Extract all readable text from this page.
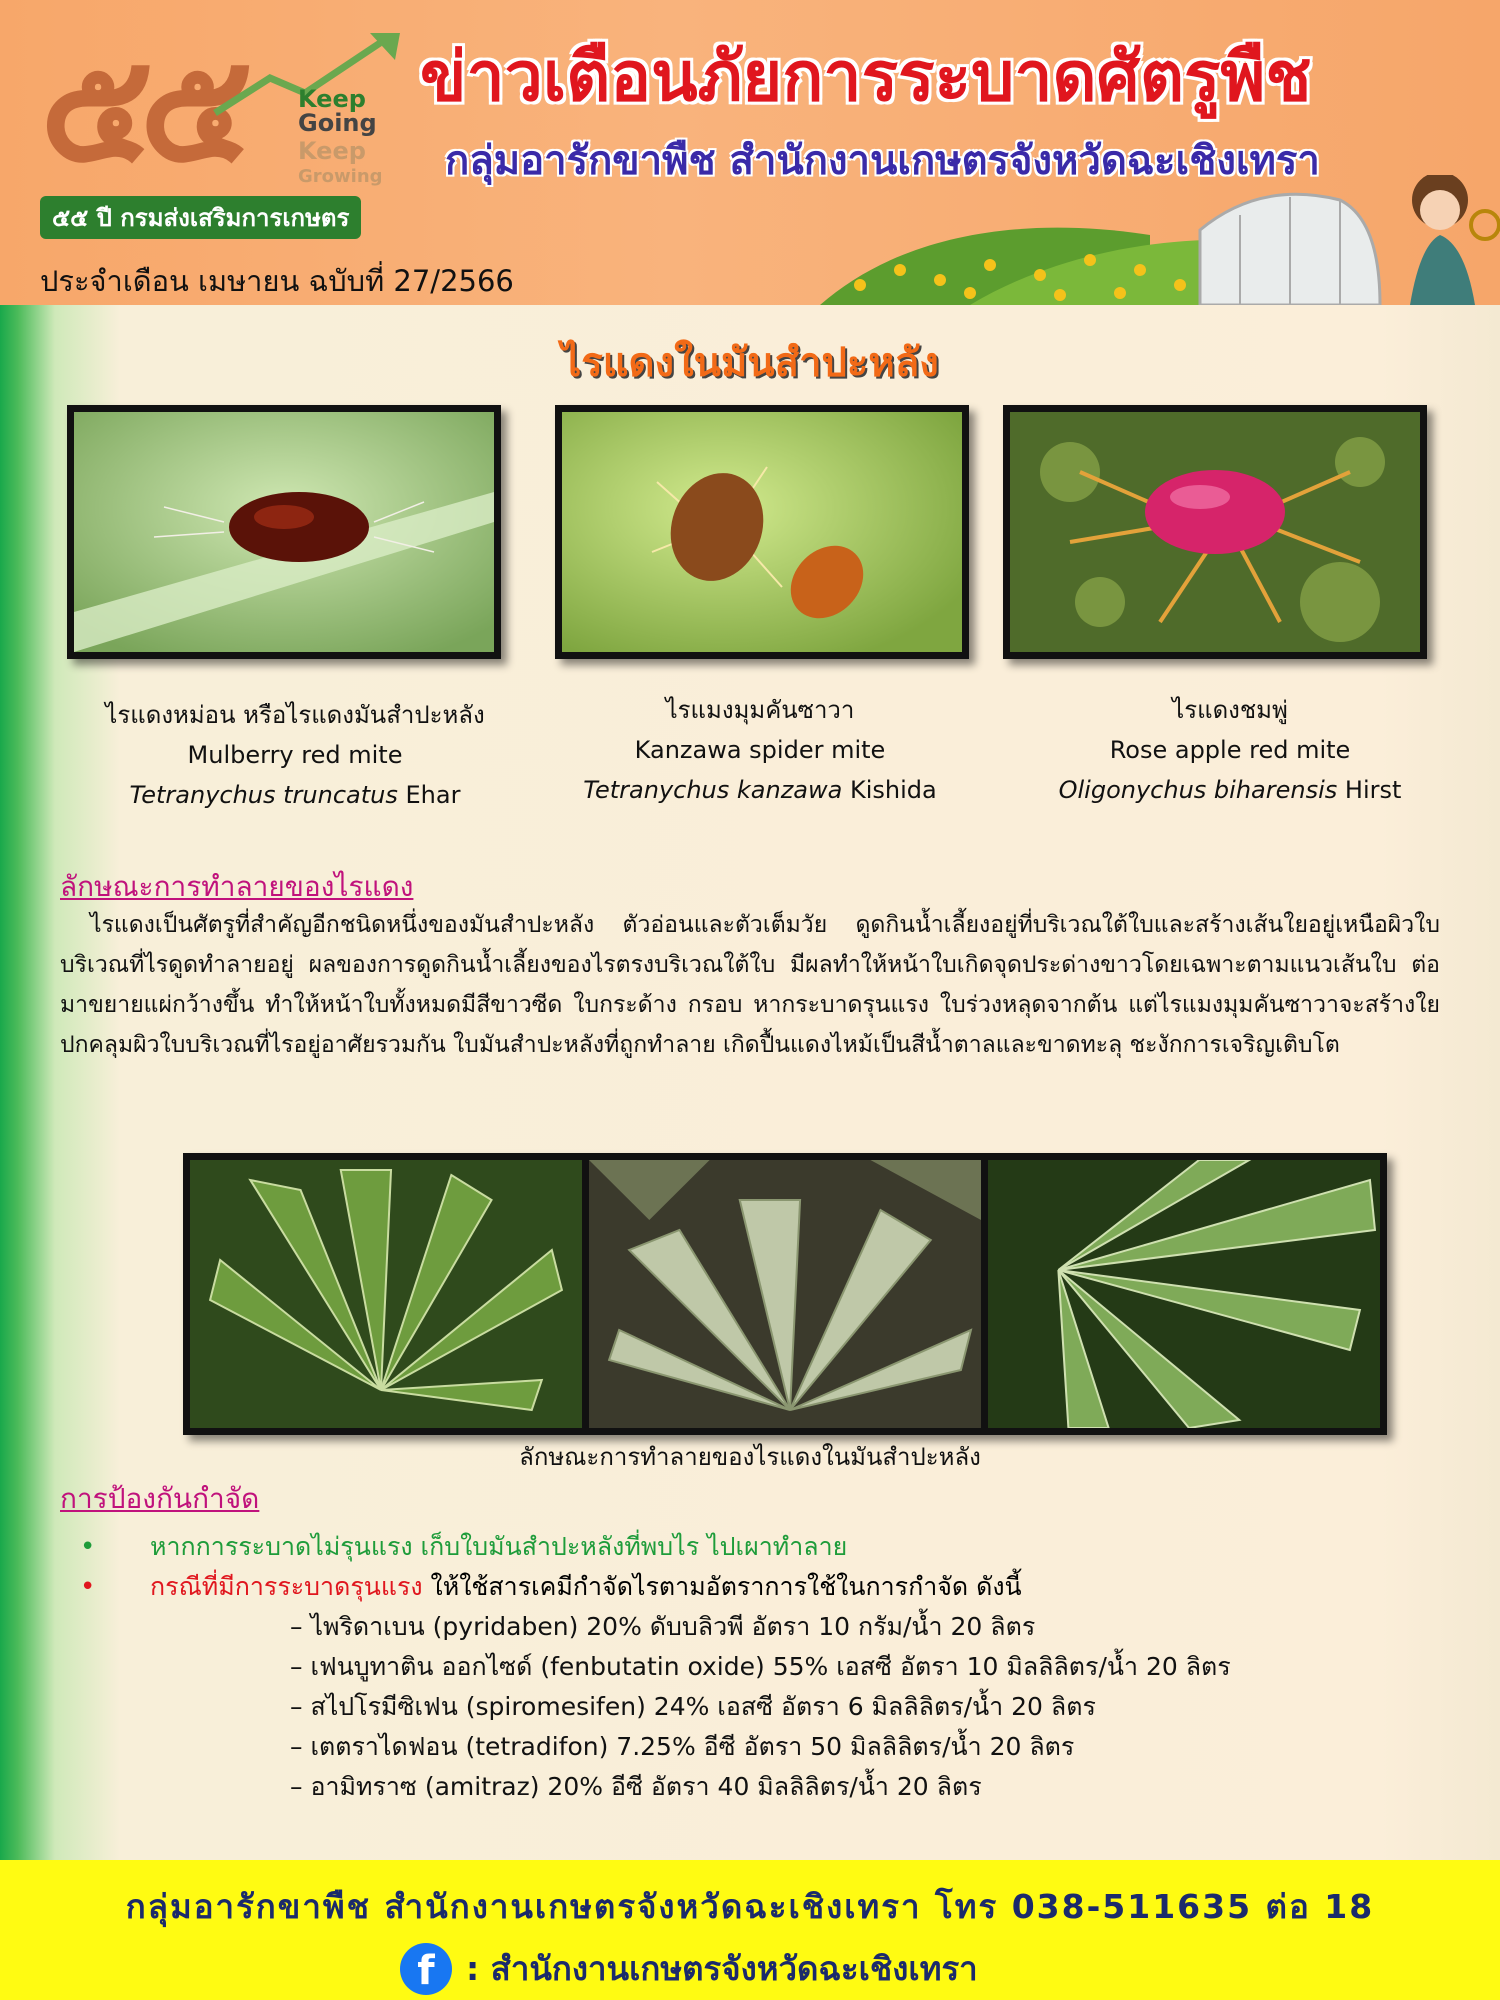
๕๕ Keep
Going
Keep
Growing
๕๕ ปี กรมส่งเสริมการเกษตร
ข่าวเตือนภัยการระบาดศัตรูพืช
กลุ่มอารักขาพืช สำนักงานเกษตรจังหวัดฉะเชิงเทรา
ประจำเดือน เมษายน ฉบับที่ 27/2566
ไรแดงในมันสำปะหลัง
ไรแดงหม่อน หรือไรแดงมันสำปะหลัง
Mulberry red mite
Tetranychus truncatus Ehar
ไรแมงมุมคันซาวา
Kanzawa spider mite
Tetranychus kanzawa Kishida
ไรแดงชมพู่
Rose apple red mite
Oligonychus biharensis Hirst
ลักษณะการทำลายของไรแดง
ไรแดงเป็นศัตรูที่สำคัญอีกชนิดหนึ่งของมันสำปะหลัง ตัวอ่อนและตัวเต็มวัย ดูดกินน้ำเลี้ยงอยู่ที่บริเวณใต้ใบและสร้างเส้นใยอยู่เหนือผิวใบบริเวณที่ไรดูดทำลายอยู่ ผลของการดูดกินน้ำเลี้ยงของไรตรงบริเวณใต้ใบ มีผลทำให้หน้าใบเกิดจุดประด่างขาวโดยเฉพาะตามแนวเส้นใบ ต่อมาขยายแผ่กว้างขึ้น ทำให้หน้าใบทั้งหมดมีสีขาวซีด ใบกระด้าง กรอบ หากระบาดรุนแรง ใบร่วงหลุดจากต้น แต่ไรแมงมุมคันซาวาจะสร้างใยปกคลุมผิวใบบริเวณที่ไรอยู่อาศัยรวมกัน ใบมันสำปะหลังที่ถูกทำลาย เกิดปื้นแดงไหม้เป็นสีน้ำตาลและขาดทะลุ ชะงักการเจริญเติบโต
ลักษณะการทำลายของไรแดงในมันสำปะหลัง
การป้องกันกำจัด
•	หากการระบาดไม่รุนแรง เก็บใบมันสำปะหลังที่พบไร ไปเผาทำลาย
•	กรณีที่มีการระบาดรุนแรง ให้ใช้สารเคมีกำจัดไรตามอัตราการใช้ในการกำจัด ดังนี้
– ไพริดาเบน (pyridaben) 20% ดับบลิวพี อัตรา 10 กรัม/น้ำ 20 ลิตร
– เฟนบูทาติน ออกไซด์ (fenbutatin oxide) 55% เอสซี อัตรา 10 มิลลิลิตร/น้ำ 20 ลิตร
– สไปโรมีซิเฟน (spiromesifen) 24% เอสซี อัตรา 6 มิลลิลิตร/น้ำ 20 ลิตร
– เตตราไดฟอน (tetradifon) 7.25% อีซี อัตรา 50 มิลลิลิตร/น้ำ 20 ลิตร
– อามิทราซ (amitraz) 20% อีซี อัตรา 40 มิลลิลิตร/น้ำ 20 ลิตร
กลุ่มอารักขาพืช สำนักงานเกษตรจังหวัดฉะเชิงเทรา โทร 038-511635 ต่อ 18
f : สำนักงานเกษตรจังหวัดฉะเชิงเทรา
